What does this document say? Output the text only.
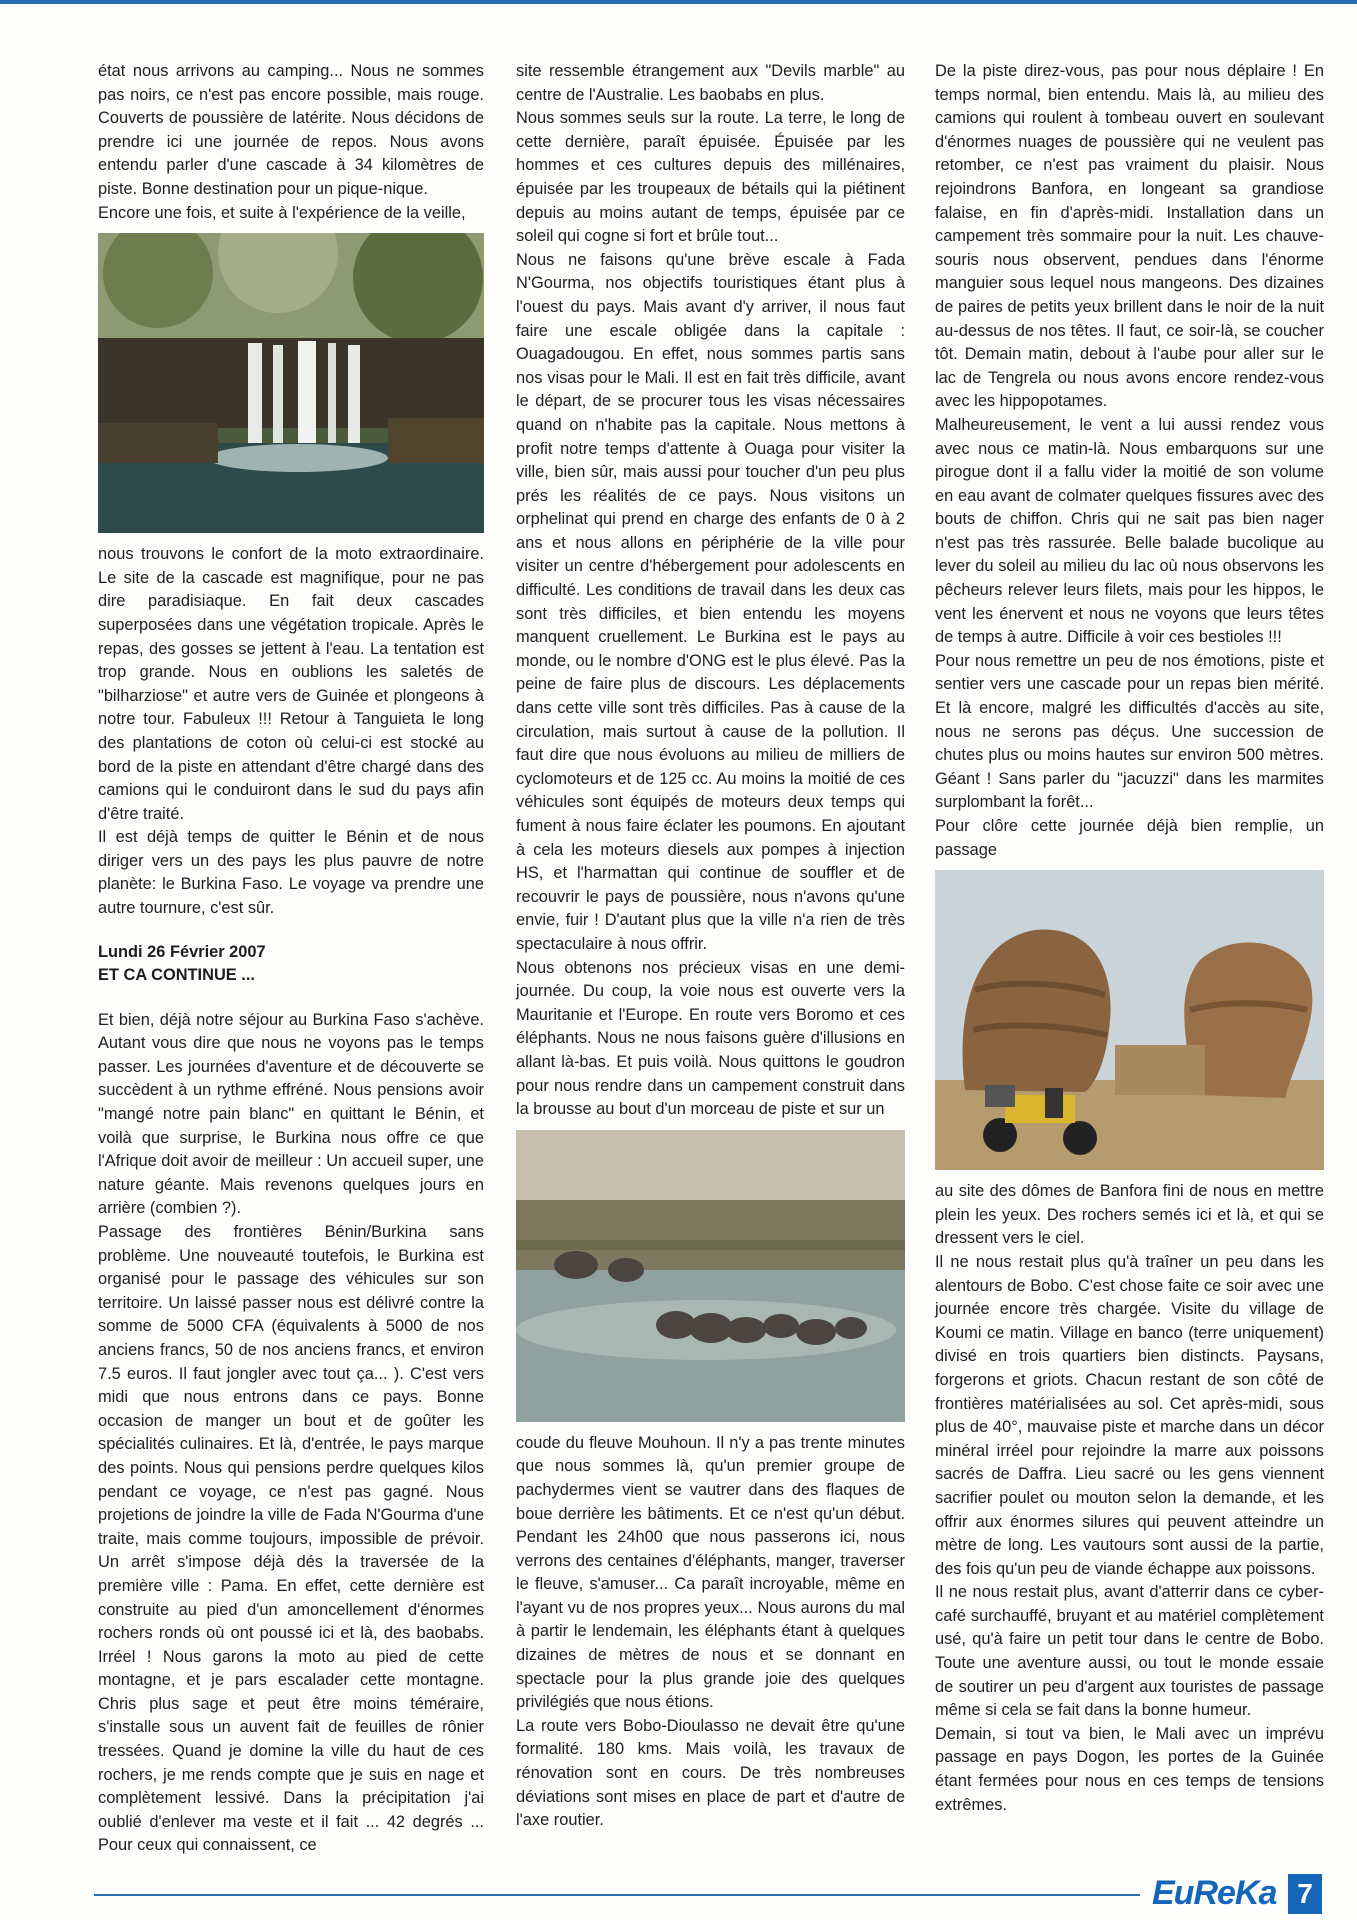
état nous arrivons au camping... Nous ne sommes pas noirs, ce n'est pas encore possible, mais rouge. Couverts de poussière de latérite. Nous décidons de prendre ici une journée de repos. Nous avons entendu parler d'une cascade à 34 kilomètres de piste. Bonne destination pour un pique-nique.

Encore une fois, et suite à l'expérience de la veille,

nous trouvons le confort de la moto extraordinaire. Le site de la cascade est magnifique, pour ne pas dire paradisiaque. En fait deux cascades superposées dans une végétation tropicale. Après le repas, des gosses se jettent à l'eau. La tentation est trop grande. Nous en oublions les saletés de "bilharziose" et autre vers de Guinée et plongeons à notre tour. Fabuleux !!! Retour à Tanguieta le long des plantations de coton où celui-ci est stocké au bord de la piste en attendant d'être chargé dans des camions qui le conduiront dans le sud du pays afin d'être traité.

Il est déjà temps de quitter le Bénin et de nous diriger vers un des pays les plus pauvre de notre planète: le Burkina Faso. Le voyage va prendre une autre tournure, c'est sûr.

Lundi 26 Février 2007

ET CA CONTINUE ...

Et bien, déjà notre séjour au Burkina Faso s'achève. Autant vous dire que nous ne voyons pas le temps passer. Les journées d'aventure et de découverte se succèdent à un rythme effréné. Nous pensions avoir "mangé notre pain blanc" en quittant le Bénin, et voilà que surprise, le Burkina nous offre ce que l'Afrique doit avoir de meilleur : Un accueil super, une nature géante. Mais revenons quelques jours en arrière (combien ?).

Passage des frontières Bénin/Burkina sans problème. Une nouveauté toutefois, le Burkina est organisé pour le passage des véhicules sur son territoire. Un laissé passer nous est délivré contre la somme de 5000 CFA (équivalents à 5000 de nos anciens francs, 50 de nos anciens francs, et environ 7.5 euros. Il faut jongler avec tout ça... ). C'est vers midi que nous entrons dans ce pays. Bonne occasion de manger un bout et de goûter les spécialités culinaires. Et là, d'entrée, le pays marque des points. Nous qui pensions perdre quelques kilos pendant ce voyage, ce n'est pas gagné. Nous projetions de joindre la ville de Fada N'Gourma d'une traite, mais comme toujours, impossible de prévoir. Un arrêt s'impose déjà dés la traversée de la première ville : Pama. En effet, cette dernière est construite au pied d'un amoncellement d'énormes rochers ronds où ont poussé ici et là, des baobabs. Irréel ! Nous garons la moto au pied de cette montagne, et je pars escalader cette montagne. Chris plus sage et peut être moins téméraire, s'installe sous un auvent fait de feuilles de rônier tressées. Quand je domine la ville du haut de ces rochers, je me rends compte que je suis en nage et complètement lessivé. Dans la précipitation j'ai oublié d'enlever ma veste et il fait ... 42 degrés ... Pour ceux qui connaissent, ce

site ressemble étrangement aux "Devils marble" au centre de l'Australie. Les baobabs en plus.

Nous sommes seuls sur la route. La terre, le long de cette dernière, paraît épuisée. Épuisée par les hommes et ces cultures depuis des millénaires, épuisée par les troupeaux de bétails qui la piétinent depuis au moins autant de temps, épuisée par ce soleil qui cogne si fort et brûle tout...

Nous ne faisons qu'une brève escale à Fada N'Gourma, nos objectifs touristiques étant plus à l'ouest du pays. Mais avant d'y arriver, il nous faut faire une escale obligée dans la capitale : Ouagadougou. En effet, nous sommes partis sans nos visas pour le Mali. Il est en fait très difficile, avant le départ, de se procurer tous les visas nécessaires quand on n'habite pas la capitale. Nous mettons à profit notre temps d'attente à Ouaga pour visiter la ville, bien sûr, mais aussi pour toucher d'un peu plus prés les réalités de ce pays. Nous visitons un orphelinat qui prend en charge des enfants de 0 à 2 ans et nous allons en périphérie de la ville pour visiter un centre d'hébergement pour adolescents en difficulté. Les conditions de travail dans les deux cas sont très difficiles, et bien entendu les moyens manquent cruellement. Le Burkina est le pays au monde, ou le nombre d'ONG est le plus élevé. Pas la peine de faire plus de discours. Les déplacements dans cette ville sont très difficiles. Pas à cause de la circulation, mais surtout à cause de la pollution. Il faut dire que nous évoluons au milieu de milliers de cyclomoteurs et de 125 cc. Au moins la moitié de ces véhicules sont équipés de moteurs deux temps qui fument à nous faire éclater les poumons. En ajoutant à cela les moteurs diesels aux pompes à injection HS, et l'harmattan qui continue de souffler et de recouvrir le pays de poussière, nous n'avons qu'une envie, fuir ! D'autant plus que la ville n'a rien de très spectaculaire à nous offrir.

Nous obtenons nos précieux visas en une demi-journée. Du coup, la voie nous est ouverte vers la Mauritanie et l'Europe. En route vers Boromo et ces éléphants. Nous ne nous faisons guère d'illusions en allant là-bas. Et puis voilà. Nous quittons le goudron pour nous rendre dans un campement construit dans la brousse au bout d'un morceau de piste et sur un

coude du fleuve Mouhoun. Il n'y a pas trente minutes que nous sommes là, qu'un premier groupe de pachydermes vient se vautrer dans des flaques de boue derrière les bâtiments. Et ce n'est qu'un début. Pendant les 24h00 que nous passerons ici, nous verrons des centaines d'éléphants, manger, traverser le fleuve, s'amuser... Ca paraît incroyable, même en l'ayant vu de nos propres yeux... Nous aurons du mal à partir le lendemain, les éléphants étant à quelques dizaines de mètres de nous et se donnant en spectacle pour la plus grande joie des quelques privilégiés que nous étions.

La route vers Bobo-Dioulasso ne devait être qu'une formalité. 180 kms. Mais voilà, les travaux de rénovation sont en cours. De très nombreuses déviations sont mises en place de part et d'autre de l'axe routier.

De la piste direz-vous, pas pour nous déplaire ! En temps normal, bien entendu. Mais là, au milieu des camions qui roulent à tombeau ouvert en soulevant d'énormes nuages de poussière qui ne veulent pas retomber, ce n'est pas vraiment du plaisir. Nous rejoindrons Banfora, en longeant sa grandiose falaise, en fin d'après-midi. Installation dans un campement très sommaire pour la nuit. Les chauve-souris nous observent, pendues dans l'énorme manguier sous lequel nous mangeons. Des dizaines de paires de petits yeux brillent dans le noir de la nuit au-dessus de nos têtes. Il faut, ce soir-là, se coucher tôt. Demain matin, debout à l'aube pour aller sur le lac de Tengrela ou nous avons encore rendez-vous avec les hippopotames.

Malheureusement, le vent a lui aussi rendez vous avec nous ce matin-là. Nous embarquons sur une pirogue dont il a fallu vider la moitié de son volume en eau avant de colmater quelques fissures avec des bouts de chiffon. Chris qui ne sait pas bien nager n'est pas très rassurée. Belle balade bucolique au lever du soleil au milieu du lac où nous observons les pêcheurs relever leurs filets, mais pour les hippos, le vent les énervent et nous ne voyons que leurs têtes de temps à autre. Difficile à voir ces bestioles !!!

Pour nous remettre un peu de nos émotions, piste et sentier vers une cascade pour un repas bien mérité. Et là encore, malgré les difficultés d'accès au site, nous ne serons pas déçus. Une succession de chutes plus ou moins hautes sur environ 500 mètres. Géant ! Sans parler du "jacuzzi" dans les marmites surplombant la forêt...

Pour clôre cette journée déjà bien remplie, un passage

au site des dômes de Banfora fini de nous en mettre plein les yeux. Des rochers semés ici et là, et qui se dressent vers le ciel.

Il ne nous restait plus qu'à traîner un peu dans les alentours de Bobo. C'est chose faite ce soir avec une journée encore très chargée. Visite du village de Koumi ce matin. Village en banco (terre uniquement) divisé en trois quartiers bien distincts. Paysans, forgerons et griots. Chacun restant de son côté de frontières matérialisées au sol. Cet après-midi, sous plus de 40°, mauvaise piste et marche dans un décor minéral irréel pour rejoindre la marre aux poissons sacrés de Daffra. Lieu sacré ou les gens viennent sacrifier poulet ou mouton selon la demande, et les offrir aux énormes silures qui peuvent atteindre un mètre de long. Les vautours sont aussi de la partie, des fois qu'un peu de viande échappe aux poissons.

Il ne nous restait plus, avant d'atterrir dans ce cyber-café surchauffé, bruyant et au matériel complètement usé, qu'à faire un petit tour dans le centre de Bobo. Toute une aventure aussi, ou tout le monde essaie de soutirer un peu d'argent aux touristes de passage même si cela se fait dans la bonne humeur.

Demain, si tout va bien, le Mali avec un imprévu passage en pays Dogon, les portes de la Guinée étant fermées pour nous en ces temps de tensions extrêmes.

EuReKa 7
